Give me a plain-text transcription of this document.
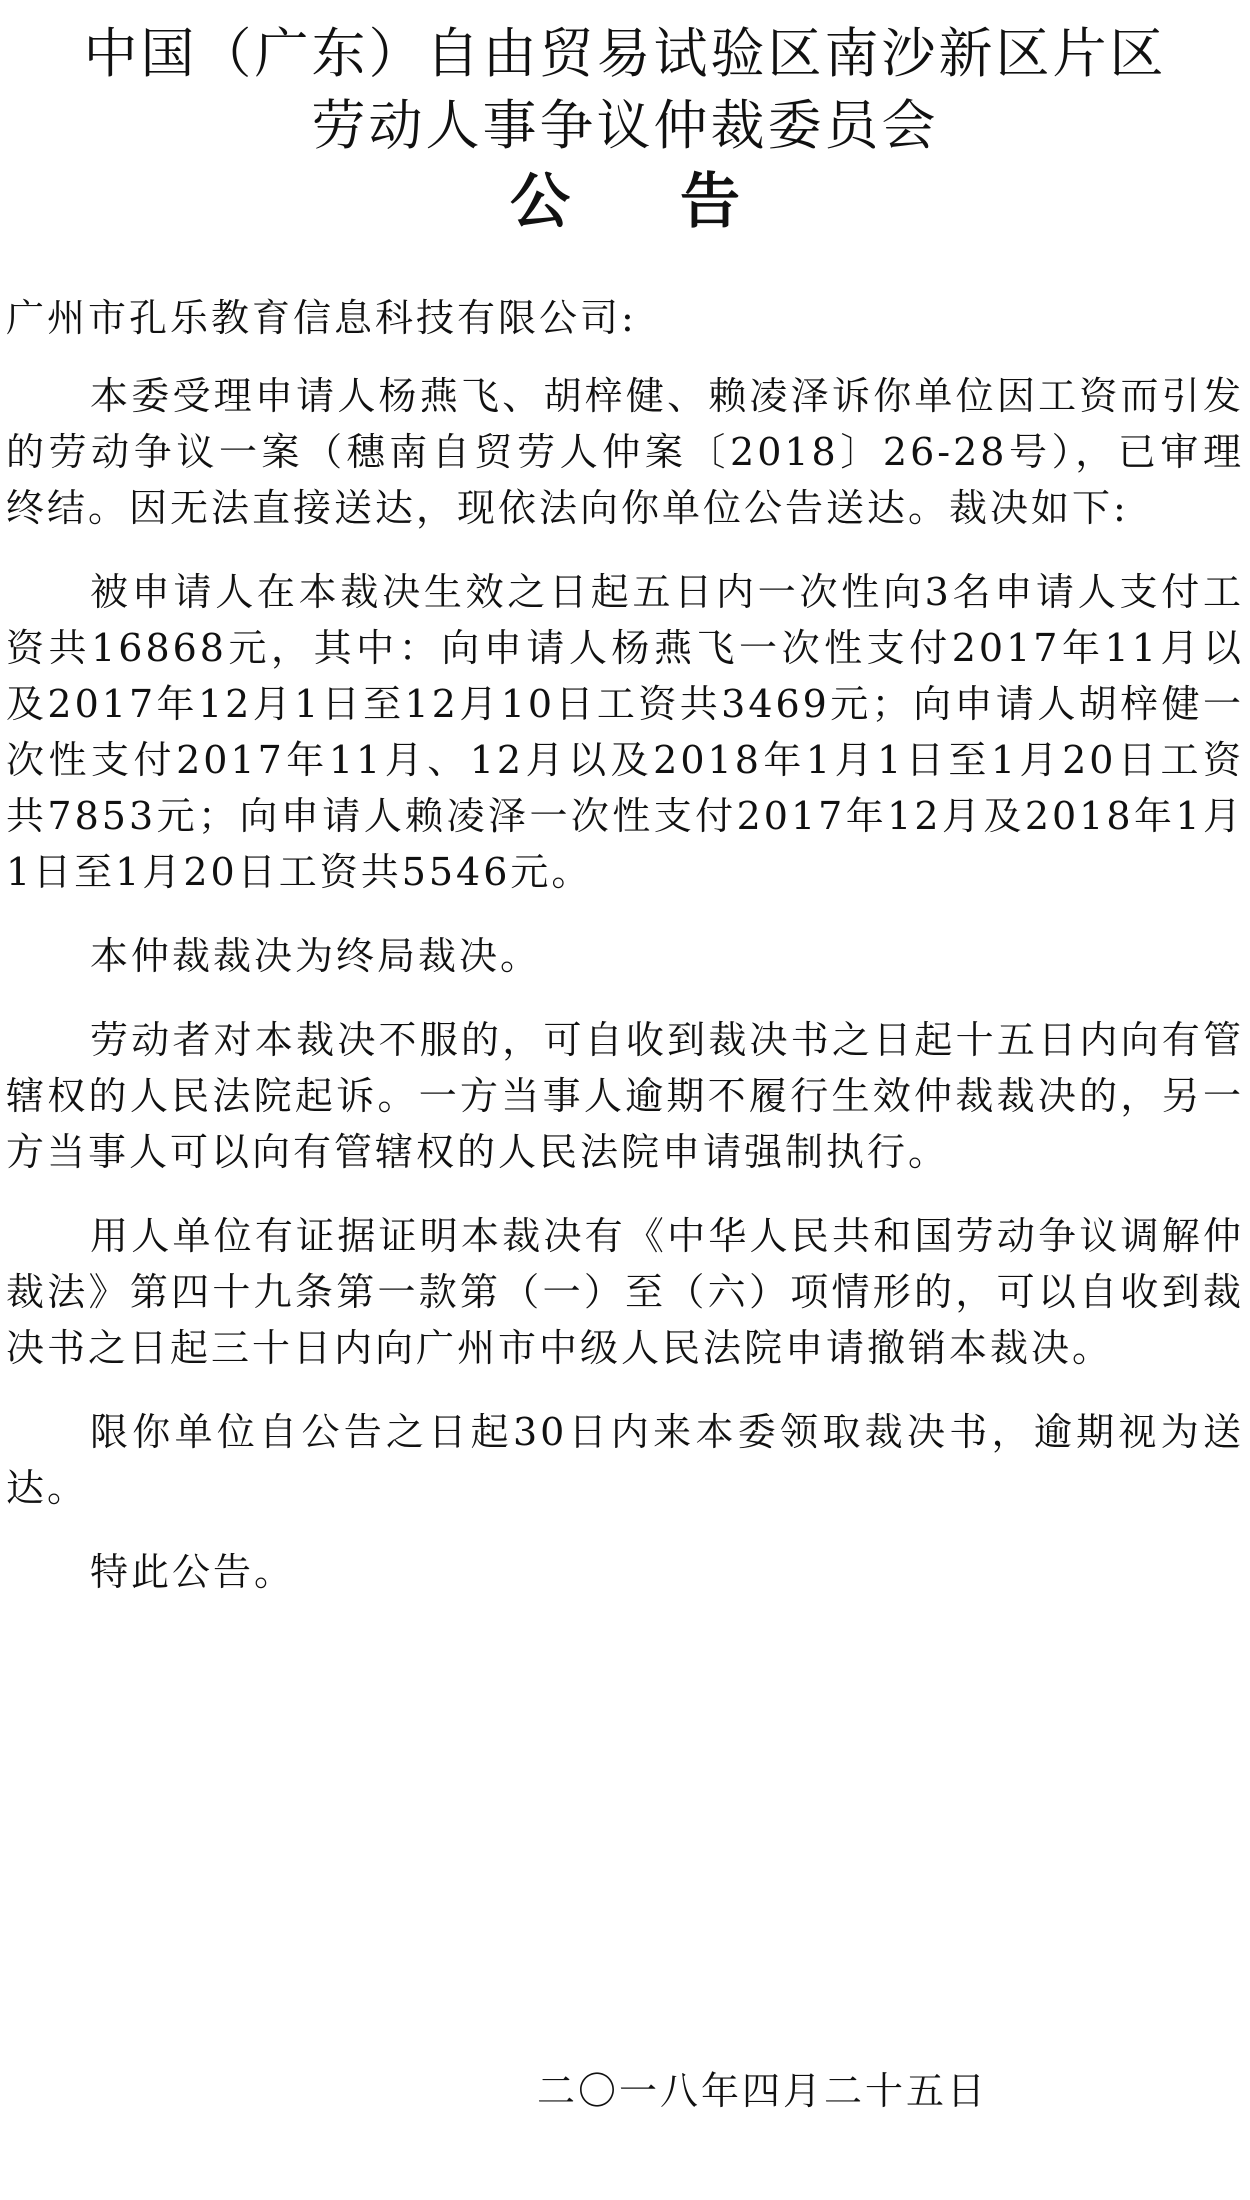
中国（广东）自由贸易试验区南沙新区片区
劳动人事争议仲裁委员会
公告

广州市孔乐教育信息科技有限公司:

本委受理申请人杨燕飞、胡梓健、赖凌泽诉你单位因工资而引发的劳动争议一案（穗南自贸劳人仲案〔2018〕26-28号），已审理终结。因无法直接送达，现依法向你单位公告送达。裁决如下:

被申请人在本裁决生效之日起五日内一次性向3名申请人支付工资共16868元，其中：向申请人杨燕飞一次性支付2017年11月以及2017年12月1日至12月10日工资共3469元；向申请人胡梓健一次性支付2017年11月、12月以及2018年1月1日至1月20日工资共7853元；向申请人赖凌泽一次性支付2017年12月及2018年1月1日至1月20日工资共5546元。

本仲裁裁决为终局裁决。

劳动者对本裁决不服的，可自收到裁决书之日起十五日内向有管辖权的人民法院起诉。一方当事人逾期不履行生效仲裁裁决的，另一方当事人可以向有管辖权的人民法院申请强制执行。

用人单位有证据证明本裁决有《中华人民共和国劳动争议调解仲裁法》第四十九条第一款第（一）至（六）项情形的，可以自收到裁决书之日起三十日内向广州市中级人民法院申请撤销本裁决。

限你单位自公告之日起30日内来本委领取裁决书，逾期视为送达。

特此公告。

二〇一八年四月二十五日
